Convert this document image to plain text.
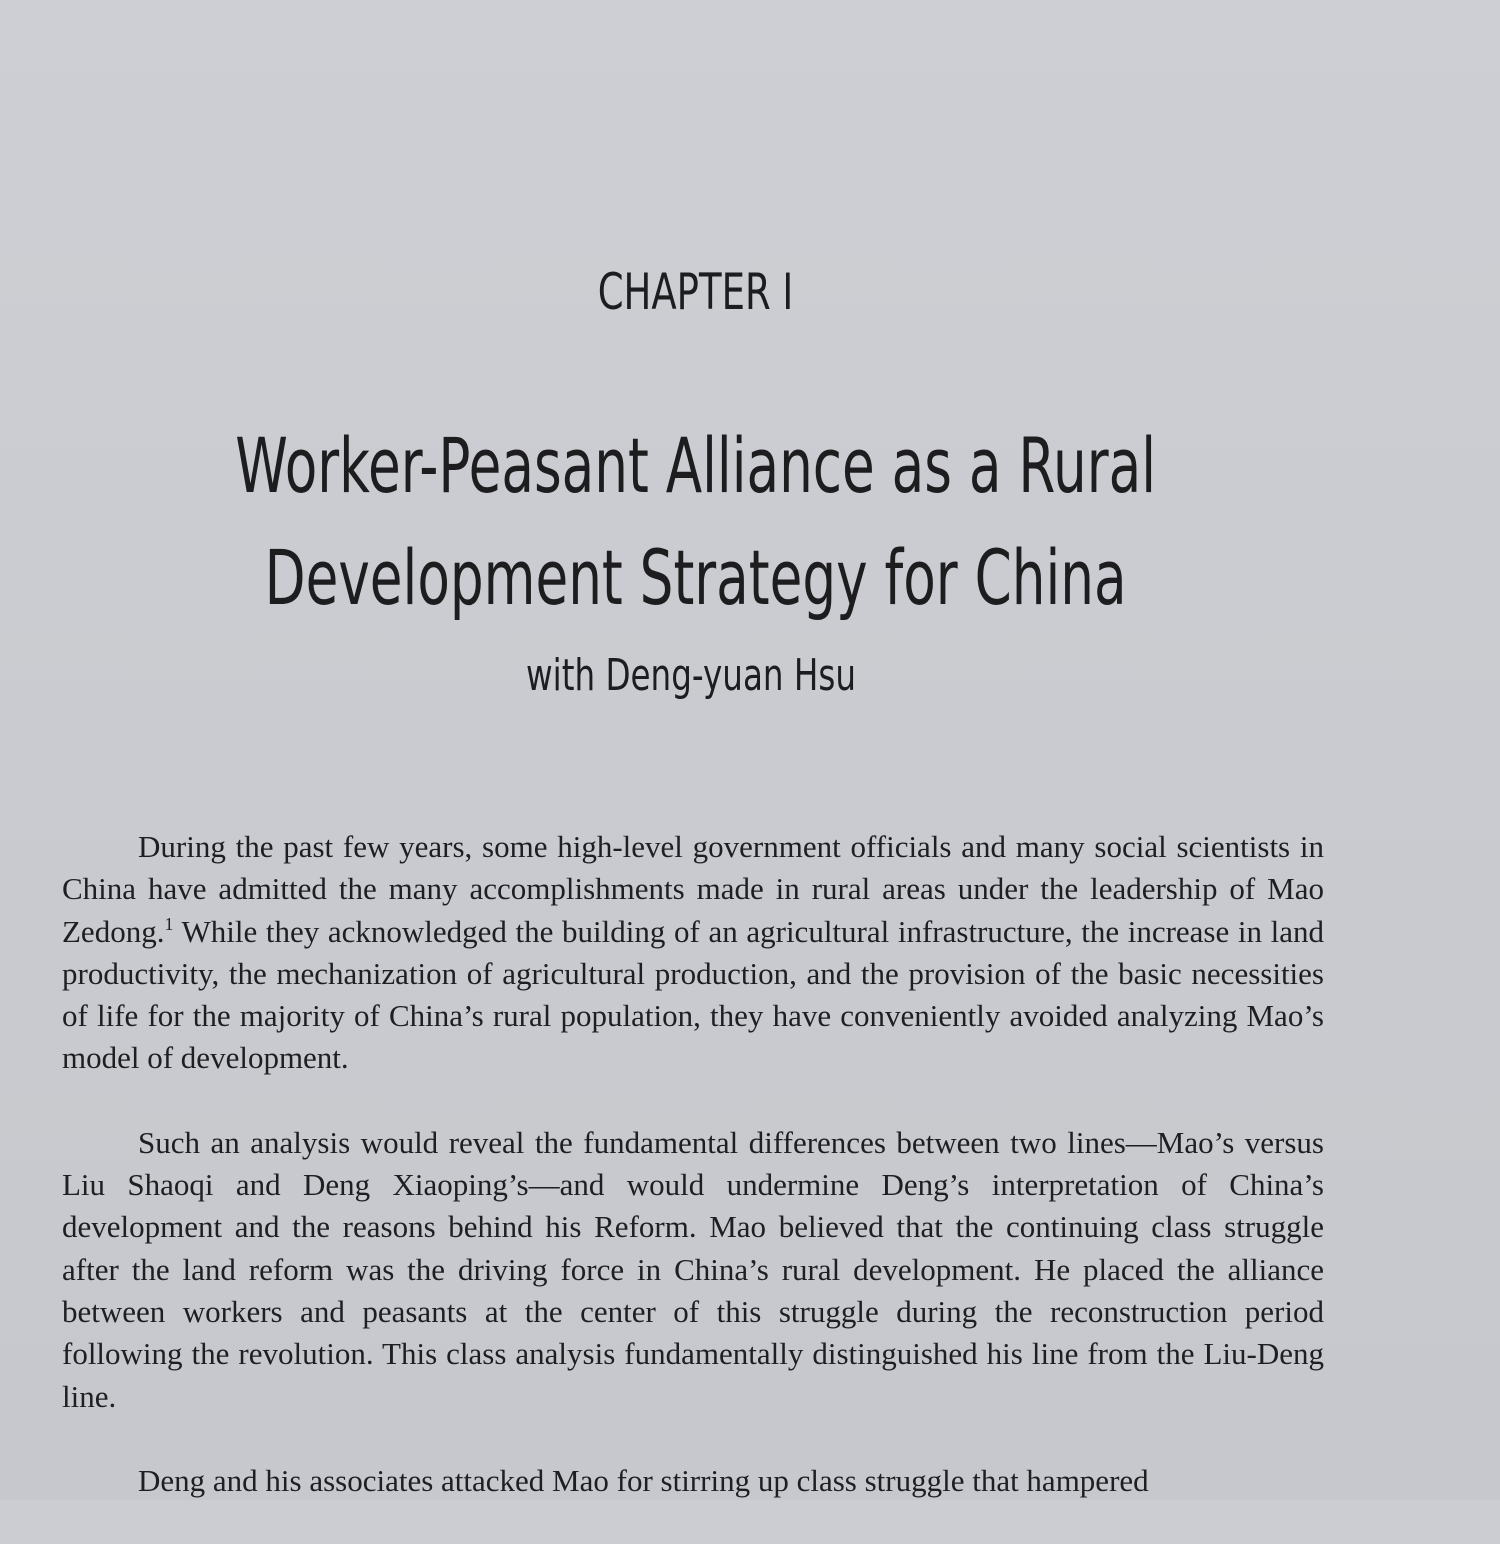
CHAPTER I
Worker-Peasant Alliance as a Rural
Development Strategy for China
with Deng-yuan Hsu

During the past few years, some high-level government officials and many social scientists in China have admitted the many accomplishments made in rural areas under the leadership of Mao Zedong.$^1$ While they acknowledged the building of an agricultural infrastructure, the increase in land productivity, the mechanization of agricultural production, and the provision of the basic necessities of life for the majority of China’s rural population, they have conveniently avoided analyzing Mao’s model of development.

Such an analysis would reveal the fundamental differences between two lines—Mao’s versus Liu Shaoqi and Deng Xiaoping’s—and would undermine Deng’s interpretation of China’s development and the reasons behind his Reform. Mao believed that the continuing class struggle after the land reform was the driving force in China’s rural development. He placed the alliance between workers and peasants at the center of this struggle during the reconstruction period following the revolution. This class analysis fundamentally distinguished his line from the Liu-Deng line.

Deng and his associates attacked Mao for stirring up class struggle that hampered
